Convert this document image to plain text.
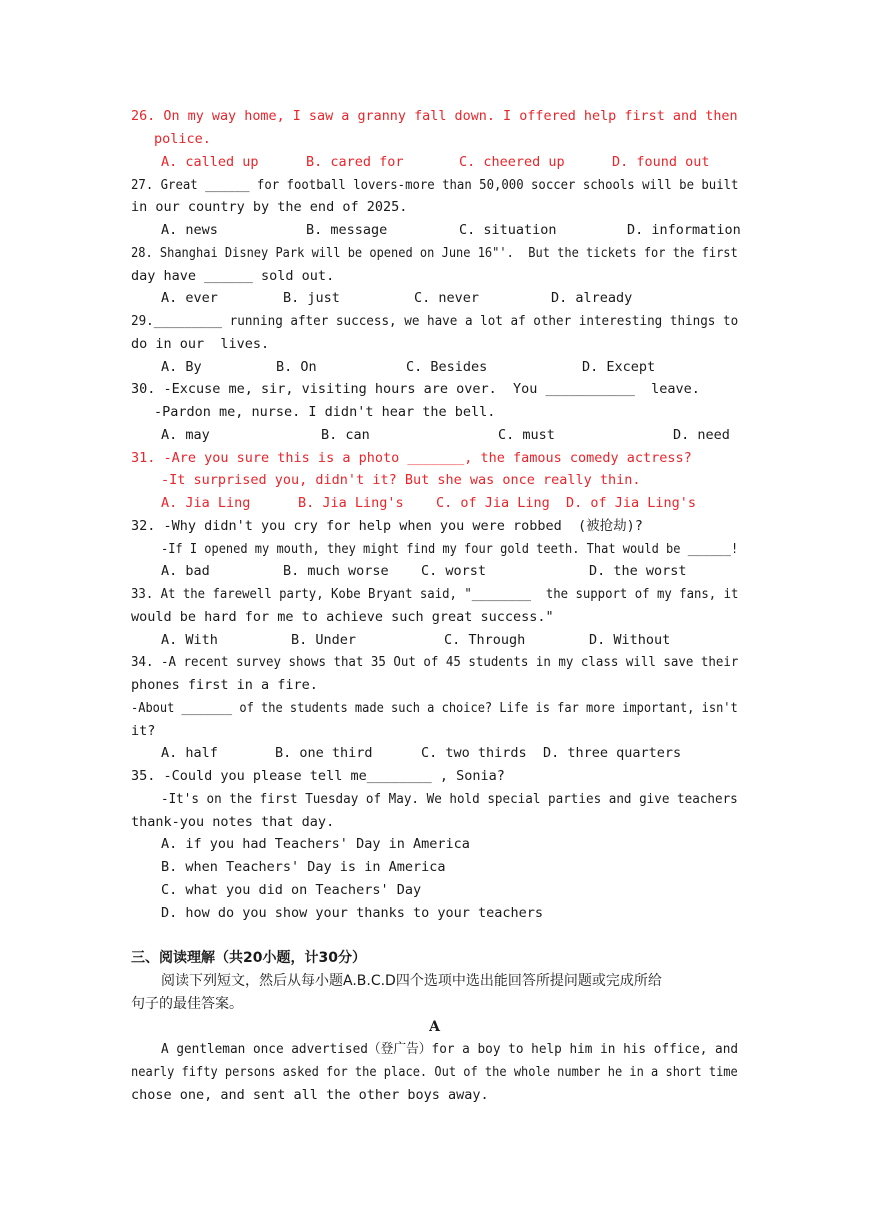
26. On my way home, I saw a granny fall down. I offered help first and then
police.
A. called up	B. cared for	C. cheered up	D. found out
27. Great ______ for football lovers-more than 50,000 soccer schools will be built
in our country by the end of 2025.
A. news	B. message	C. situation	D. information
28. Shanghai Disney Park will be opened on June 16"'.  But the tickets for the first
day have ______ sold out.
A. ever	B. just	C. never	D. already
29._________ running after success, we have a lot af other interesting things to
do in our  lives.
A. By	B. On	C. Besides	D. Except
30. -Excuse me, sir, visiting hours are over.  You ___________  leave.
-Pardon me, nurse. I didn't hear the bell.
A. may	B. can	C. must	D. need
31. -Are you sure this is a photo _______, the famous comedy actress?
-It surprised you, didn't it? But she was once really thin.
A. Jia Ling	B. Jia Ling's C. of Jia Ling D. of Jia Ling's
32. -Why didn't you cry for help when you were robbed  (被抢劫)?
-If I opened my mouth, they might find my four gold teeth. That would be ______!
A. bad	B. much worse C. worst	D. the worst
33. At the farewell party, Kobe Bryant said, "________  the support of my fans, it
would be hard for me to achieve such great success."
A. With	B. Under	C. Through	D. Without
34. -A recent survey shows that 35 Out of 45 students in my class will save their
phones first in a fire.
-About _______ of the students made such a choice? Life is far more important, isn't
it?
A. half	B. one third	C. two thirds D. three quarters
35. -Could you please tell me________ , Sonia?
-It's on the first Tuesday of May. We hold special parties and give teachers
thank-you notes that day.
A. if you had Teachers' Day in America
B. when Teachers' Day is in America
C. what you did on Teachers' Day
D. how do you show your thanks to your teachers
三、阅读理解（共20小题，计30分）
阅读下列短文，然后从每小题A.B.C.D四个选项中选出能回答所提问题或完成所给
句子的最佳答案。
A
A gentleman once advertised（登广告）for a boy to help him in his office, and
nearly fifty persons asked for the place. Out of the whole number he in a short time
chose one, and sent all the other boys away.
